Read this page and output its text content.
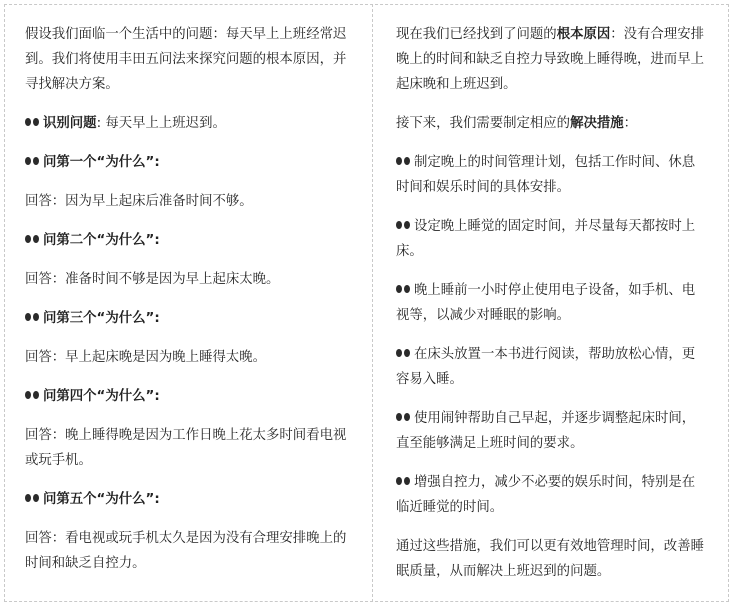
假设我们面临一个生活中的问题：每天早上上班经常迟到。我们将使用丰田五问法来探究问题的根本原因，并寻找解决方案。

识别问题: 每天早上上班迟到。

问第一个“为什么”:

回答：因为早上起床后准备时间不够。

问第二个“为什么”:

回答：准备时间不够是因为早上起床太晚。

问第三个“为什么”:

回答：早上起床晚是因为晚上睡得太晚。

问第四个“为什么”:

回答：晚上睡得晚是因为工作日晚上花太多时间看电视或玩手机。

问第五个“为什么”:

回答：看电视或玩手机太久是因为没有合理安排晚上的时间和缺乏自控力。

现在我们已经找到了问题的根本原因：没有合理安排晚上的时间和缺乏自控力导致晚上睡得晚，进而早上起床晚和上班迟到。

接下来，我们需要制定相应的解决措施：

制定晚上的时间管理计划，包括工作时间、休息时间和娱乐时间的具体安排。

设定晚上睡觉的固定时间，并尽量每天都按时上床。

晚上睡前一小时停止使用电子设备，如手机、电视等，以减少对睡眠的影响。

在床头放置一本书进行阅读，帮助放松心情，更容易入睡。

使用闹钟帮助自己早起，并逐步调整起床时间，直至能够满足上班时间的要求。

增强自控力，减少不必要的娱乐时间，特别是在临近睡觉的时间。

通过这些措施，我们可以更有效地管理时间，改善睡眠质量，从而解决上班迟到的问题。
